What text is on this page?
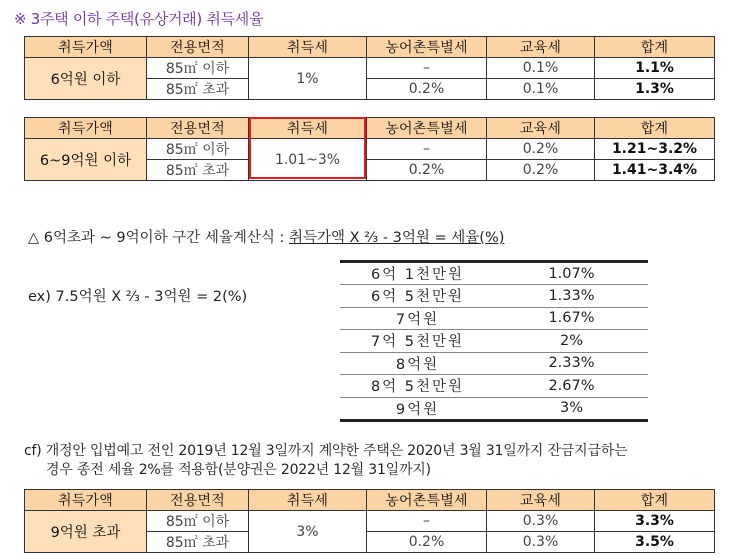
※ 3주택 이하 주택(유상거래) 취득세율
취득가액	전용면적	취득세	농어촌특별세	교육세	합계
6억원 이하	85㎡ 이하	1%	–	0.1%	1.1%
	85㎡ 초과		0.2%	0.1%	1.3%
취득가액	전용면적	취득세	농어촌특별세	교육세	합계
6~9억원 이하	85㎡ 이하	1.01~3%	–	0.2%	1.21~3.2%
	85㎡ 초과		0.2%	0.2%	1.41~3.4%
△ 6억초과 ~ 9억이하 구간 세율계산식 : 취득가액 X ⅔ - 3억원 = 세율(%)
ex) 7.5억원 X ⅔ - 3억원 = 2(%)
6억 1천만원	1.07%
6억 5천만원	1.33%
7억원	1.67%
7억 5천만원	2%
8억원	2.33%
8억 5천만원	2.67%
9억원	3%
cf) 개정안 입법예고 전인 2019년 12월 3일까지 계약한 주택은 2020년 3월 31일까지 잔금지급하는
경우 종전 세율 2%를 적용함(분양권은 2022년 12월 31일까지)
취득가액	전용면적	취득세	농어촌특별세	교육세	합계
9억원 초과	85㎡ 이하	3%	–	0.3%	3.3%
	85㎡ 초과		0.2%	0.3%	3.5%
